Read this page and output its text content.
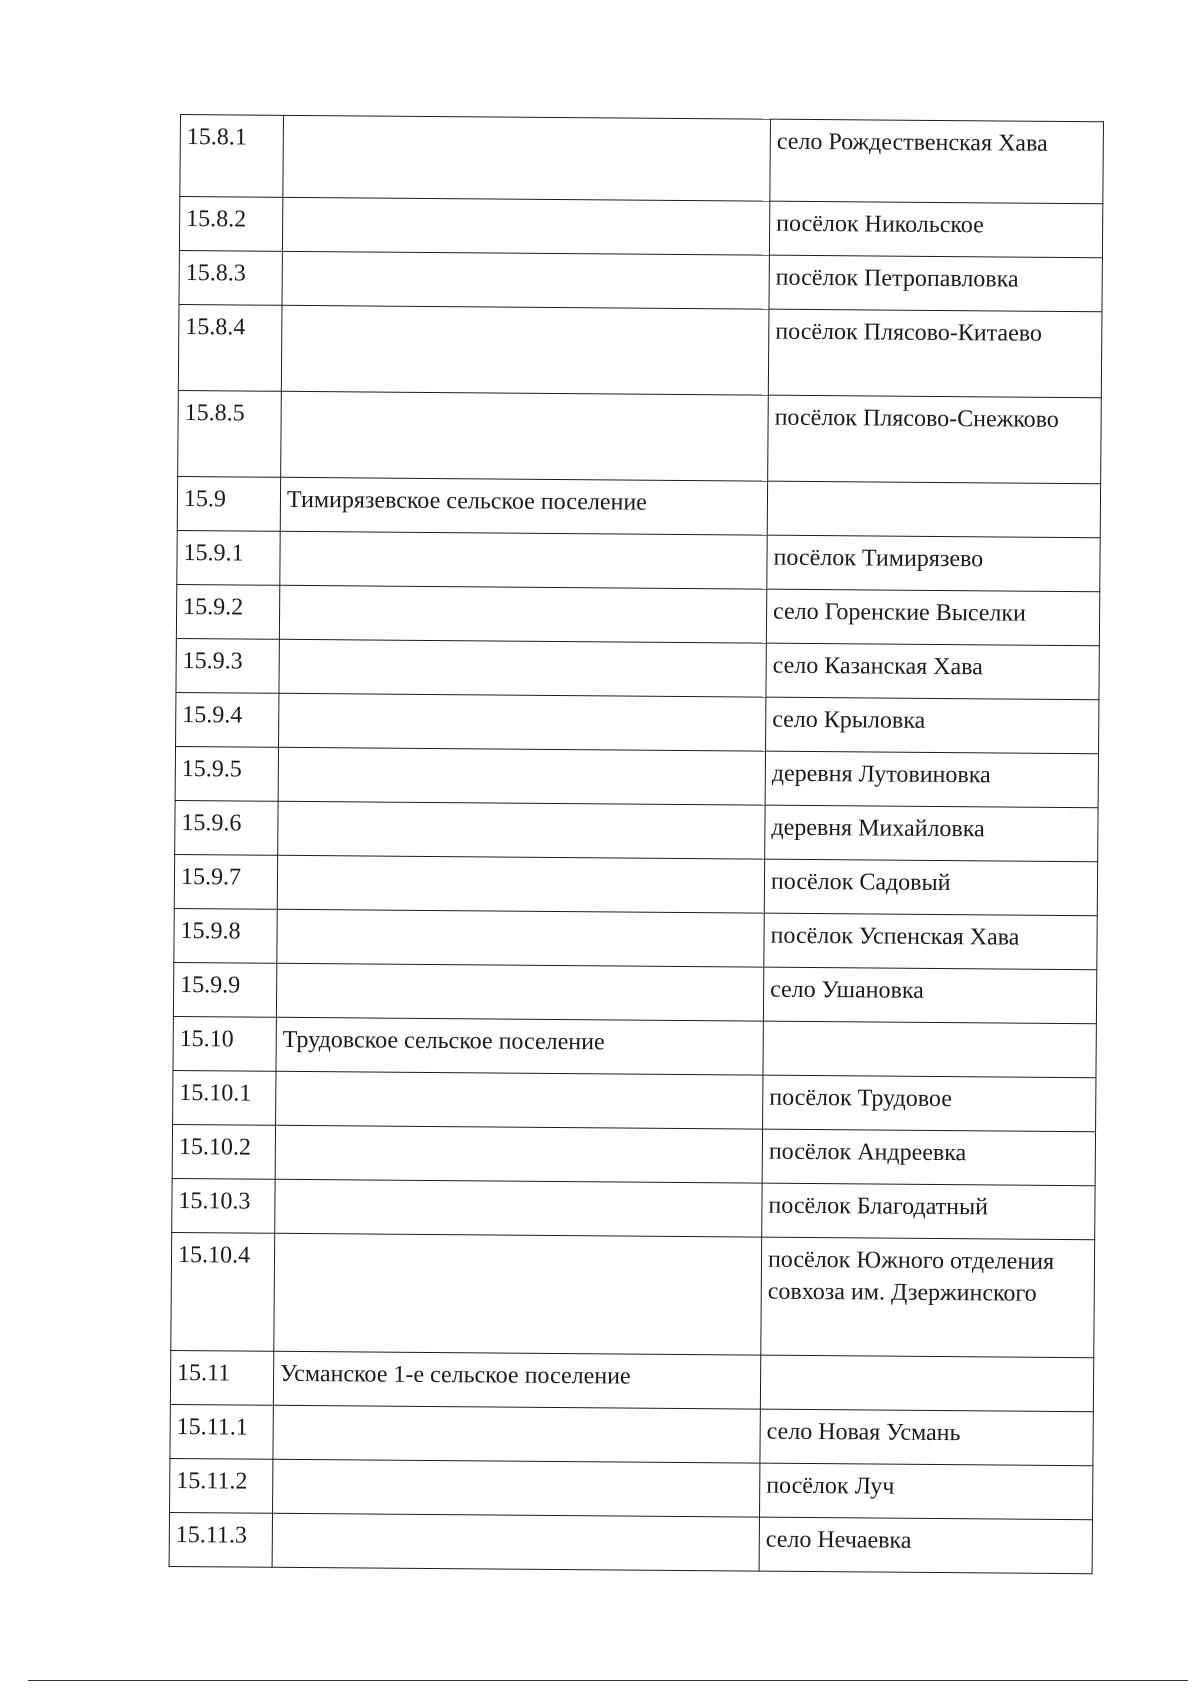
15.8.1		село Рождественская Хава
15.8.2		посёлок Никольское
15.8.3		посёлок Петропавловка
15.8.4		посёлок Плясово-Китаево
15.8.5		посёлок Плясово-Снежково
15.9	Тимирязевское сельское поселение	
15.9.1		посёлок Тимирязево
15.9.2		село Горенские Выселки
15.9.3		село Казанская Хава
15.9.4		село Крыловка
15.9.5		деревня Лутовиновка
15.9.6		деревня Михайловка
15.9.7		посёлок Садовый
15.9.8		посёлок Успенская Хава
15.9.9		село Ушановка
15.10	Трудовское сельское поселение	
15.10.1		посёлок Трудовое
15.10.2		посёлок Андреевка
15.10.3		посёлок Благодатный
15.10.4		посёлок Южного отделения совхоза им. Дзержинского
15.11	Усманское 1-е сельское поселение	
15.11.1		село Новая Усмань
15.11.2		посёлок Луч
15.11.3		село Нечаевка
